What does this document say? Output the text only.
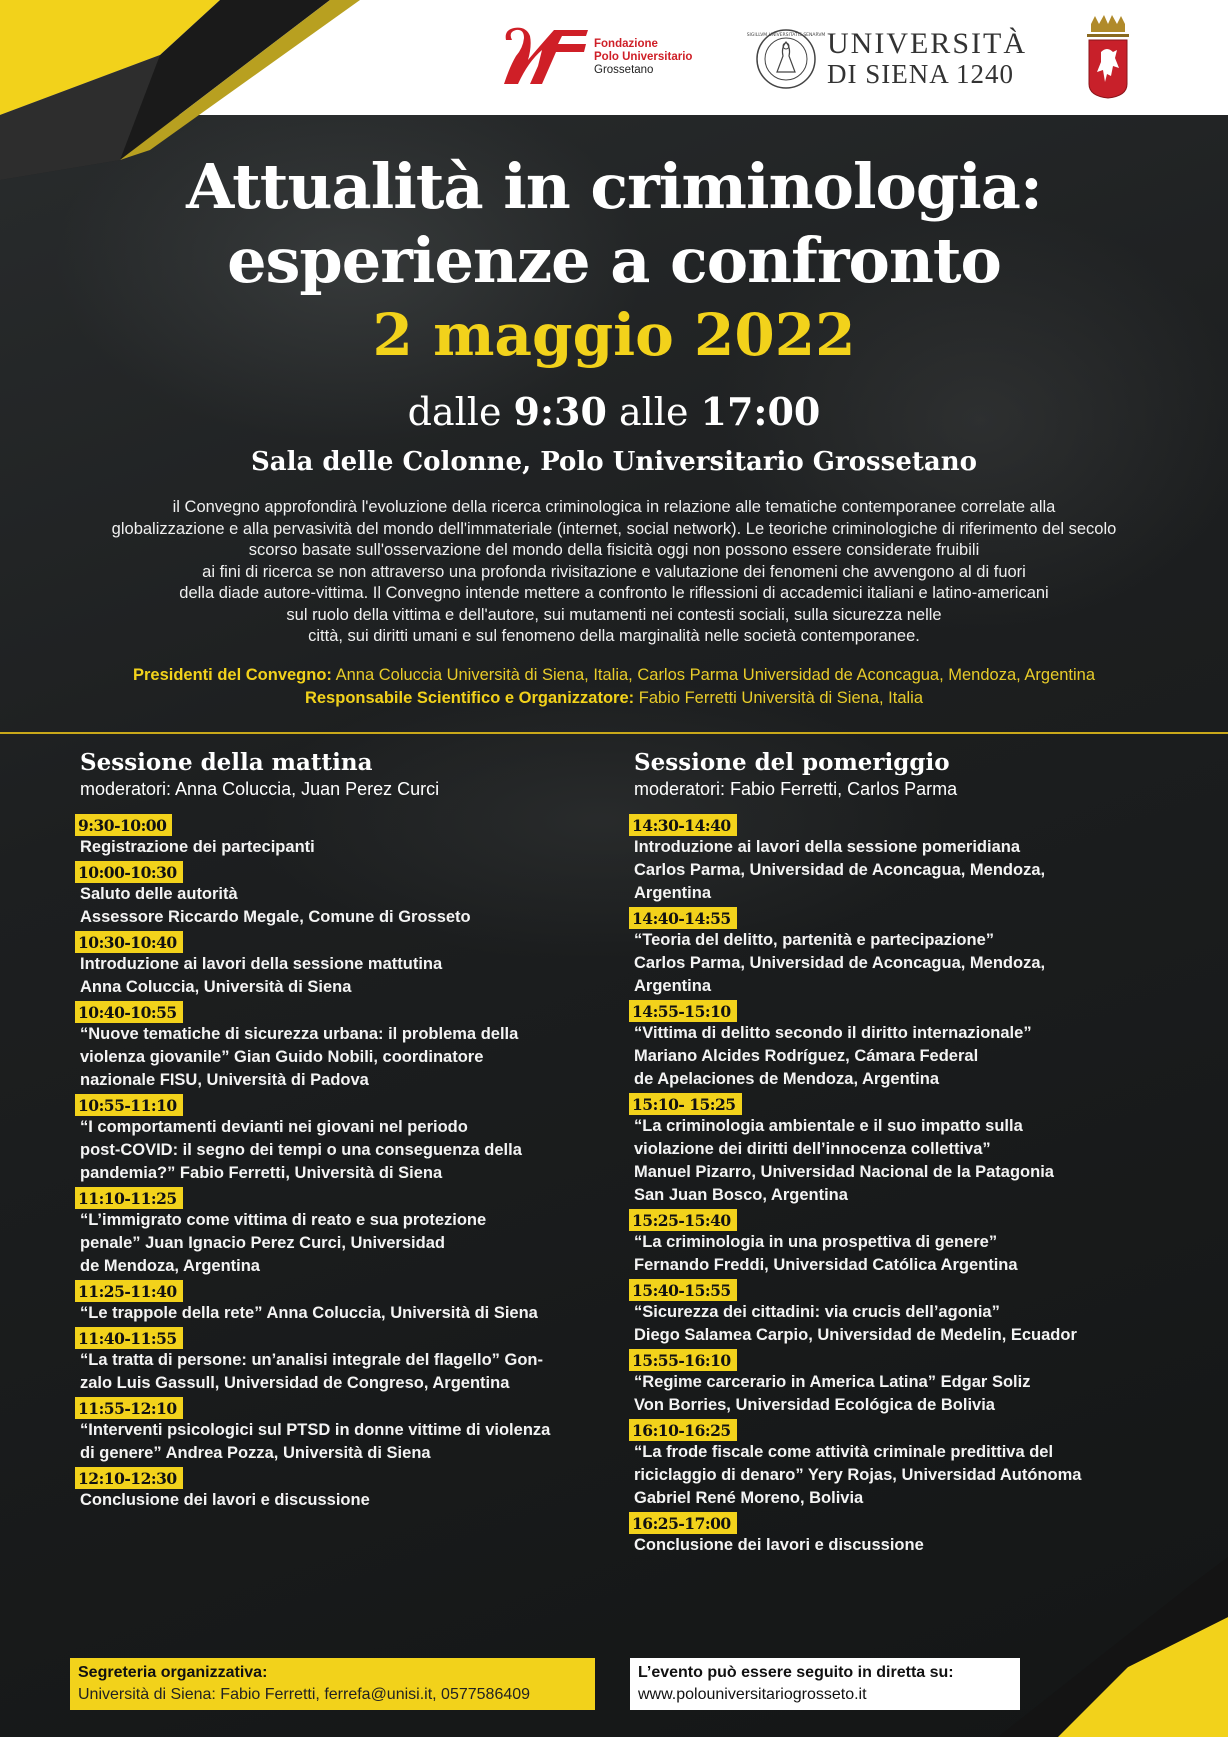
Fondazione
Polo Universitario
Grossetano
SIGILLVM UNIVERSITATIS SENARVM UNIVERSITÀ
DI SIENA 1240
Attualità in criminologia:
esperienze a confronto
2 maggio 2022
dalle 9:30 alle 17:00
Sala delle Colonne, Polo Universitario Grossetano
il Convegno approfondirà l'evoluzione della ricerca criminologica in relazione alle tematiche contemporanee correlate alla
globalizzazione e alla pervasività del mondo dell'immateriale (internet, social network). Le teoriche criminologiche di riferimento del secolo
scorso basate sull'osservazione del mondo della fisicità oggi non possono essere considerate fruibili
ai fini di ricerca se non attraverso una profonda rivisitazione e valutazione dei fenomeni che avvengono al di fuori
della diade autore-vittima. Il Convegno intende mettere a confronto le riflessioni di accademici italiani e latino-americani
sul ruolo della vittima e dell'autore, sui mutamenti nei contesti sociali, sulla sicurezza nelle
città, sui diritti umani e sul fenomeno della marginalità nelle società contemporanee.
Presidenti del Convegno: Anna Coluccia Università di Siena, Italia, Carlos Parma Universidad de Aconcagua, Mendoza, Argentina
Responsabile Scientifico e Organizzatore: Fabio Ferretti Università di Siena, Italia
Sessione della mattina
moderatori: Anna Coluccia, Juan Perez Curci
9:30-10:00
Registrazione dei partecipanti
10:00-10:30
Saluto delle autorità
Assessore Riccardo Megale, Comune di Grosseto
10:30-10:40
Introduzione ai lavori della sessione mattutina
Anna Coluccia, Università di Siena
10:40-10:55
“Nuove tematiche di sicurezza urbana: il problema della
violenza giovanile” Gian Guido Nobili, coordinatore
nazionale FISU, Università di Padova
10:55-11:10
“I comportamenti devianti nei giovani nel periodo
post-COVID: il segno dei tempi o una conseguenza della
pandemia?” Fabio Ferretti, Università di Siena
11:10-11:25
“L’immigrato come vittima di reato e sua protezione
penale” Juan Ignacio Perez Curci, Universidad
de Mendoza, Argentina
11:25-11:40
“Le trappole della rete” Anna Coluccia, Università di Siena
11:40-11:55
“La tratta di persone: un’analisi integrale del flagello” Gon-
zalo Luis Gassull, Universidad de Congreso, Argentina
11:55-12:10
“Interventi psicologici sul PTSD in donne vittime di violenza
di genere” Andrea Pozza, Università di Siena
12:10-12:30
Conclusione dei lavori e discussione
Sessione del pomeriggio
moderatori: Fabio Ferretti, Carlos Parma
14:30-14:40
Introduzione ai lavori della sessione pomeridiana
Carlos Parma, Universidad de Aconcagua, Mendoza,
Argentina
14:40-14:55
“Teoria del delitto, partenità e partecipazione”
Carlos Parma, Universidad de Aconcagua, Mendoza,
Argentina
14:55-15:10
“Vittima di delitto secondo il diritto internazionale”
Mariano Alcides Rodríguez, Cámara Federal
de Apelaciones de Mendoza, Argentina
15:10- 15:25
“La criminologia ambientale e il suo impatto sulla
violazione dei diritti dell’innocenza collettiva”
Manuel Pizarro, Universidad Nacional de la Patagonia
San Juan Bosco, Argentina
15:25-15:40
“La criminologia in una prospettiva di genere”
Fernando Freddi, Universidad Católica Argentina
15:40-15:55
“Sicurezza dei cittadini: via crucis dell’agonia”
Diego Salamea Carpio, Universidad de Medelin, Ecuador
15:55-16:10
“Regime carcerario in America Latina” Edgar Soliz
Von Borries, Universidad Ecológica de Bolivia
16:10-16:25
“La frode fiscale come attività criminale predittiva del
riciclaggio di denaro” Yery Rojas, Universidad Autónoma
Gabriel René Moreno, Bolivia
16:25-17:00
Conclusione dei lavori e discussione
Segreteria organizzativa:
Università di Siena: Fabio Ferretti, ferrefa@unisi.it, 0577586409
L’evento può essere seguito in diretta su:
www.polouniversitariogrosseto.it
